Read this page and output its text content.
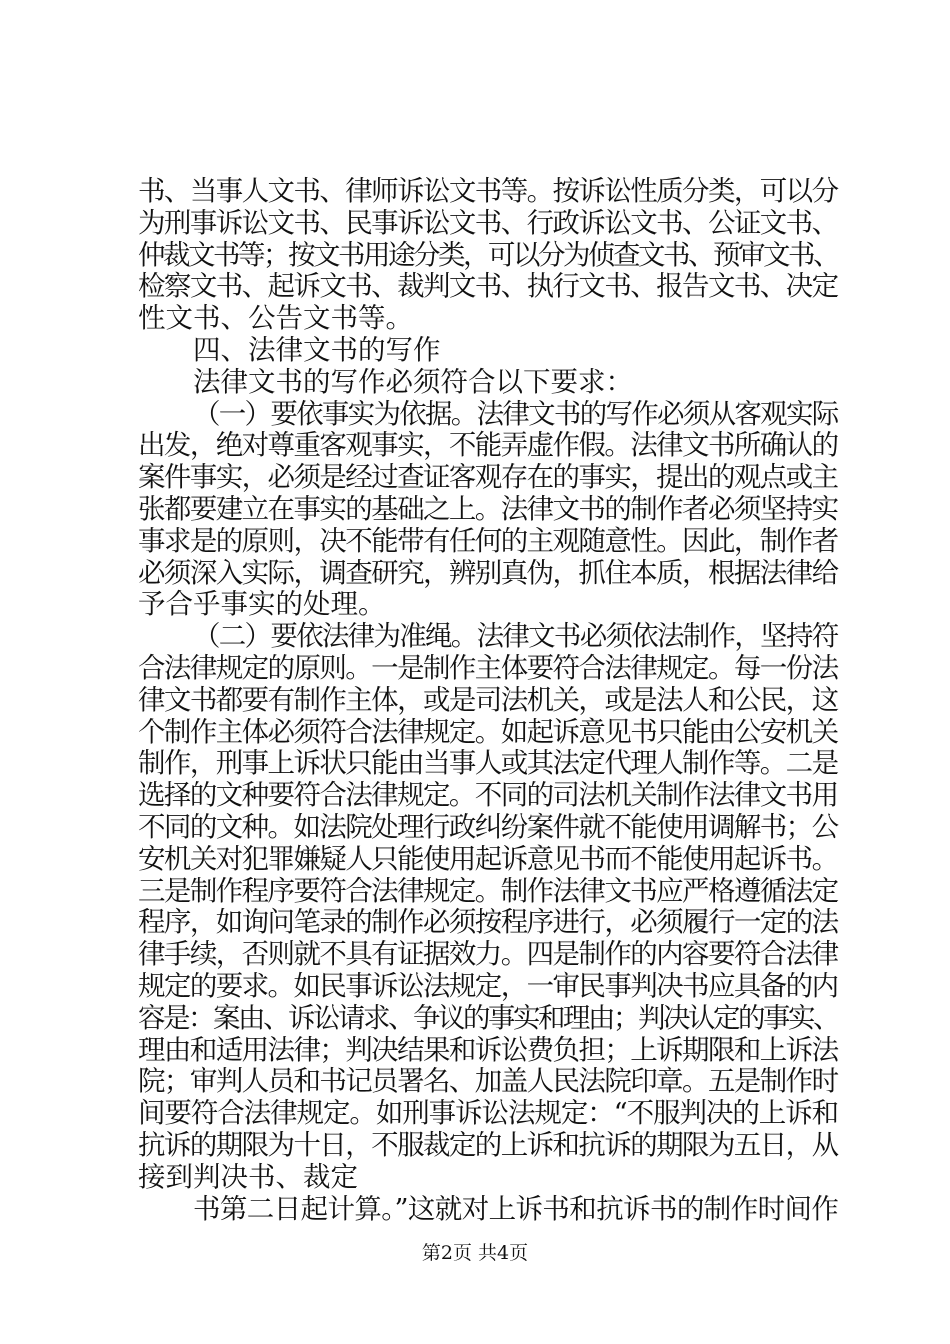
书、当事人文书、律师诉讼文书等。按诉讼性质分类，可以分
为刑事诉讼文书、民事诉讼文书、行政诉讼文书、公证文书、
仲裁文书等；按文书用途分类，可以分为侦查文书、预审文书、
检察文书、起诉文书、裁判文书、执行文书、报告文书、决定
性文书、公告文书等。
四、法律文书的写作
法律文书的写作必须符合以下要求：
（一）要依事实为依据。法律文书的写作必须从客观实际
出发，绝对尊重客观事实，不能弄虚作假。法律文书所确认的
案件事实，必须是经过查证客观存在的事实，提出的观点或主
张都要建立在事实的基础之上。法律文书的制作者必须坚持实
事求是的原则，决不能带有任何的主观随意性。因此，制作者
必须深入实际，调查研究，辨别真伪，抓住本质，根据法律给
予合乎事实的处理。
（二）要依法律为准绳。法律文书必须依法制作，坚持符
合法律规定的原则。一是制作主体要符合法律规定。每一份法
律文书都要有制作主体，或是司法机关，或是法人和公民，这
个制作主体必须符合法律规定。如起诉意见书只能由公安机关
制作，刑事上诉状只能由当事人或其法定代理人制作等。二是
选择的文种要符合法律规定。不同的司法机关制作法律文书用
不同的文种。如法院处理行政纠纷案件就不能使用调解书；公
安机关对犯罪嫌疑人只能使用起诉意见书而不能使用起诉书。
三是制作程序要符合法律规定。制作法律文书应严格遵循法定
程序，如询问笔录的制作必须按程序进行，必须履行一定的法
律手续，否则就不具有证据效力。四是制作的内容要符合法律
规定的要求。如民事诉讼法规定，一审民事判决书应具备的内
容是：案由、诉讼请求、争议的事实和理由；判决认定的事实、
理由和适用法律；判决结果和诉讼费负担；上诉期限和上诉法
院；审判人员和书记员署名、加盖人民法院印章。五是制作时
间要符合法律规定。如刑事诉讼法规定：“不服判决的上诉和
抗诉的期限为十日，不服裁定的上诉和抗诉的期限为五日，从
接到判决书、裁定
书第二日起计算。”这就对上诉书和抗诉书的制作时间作
第2页 共4页
